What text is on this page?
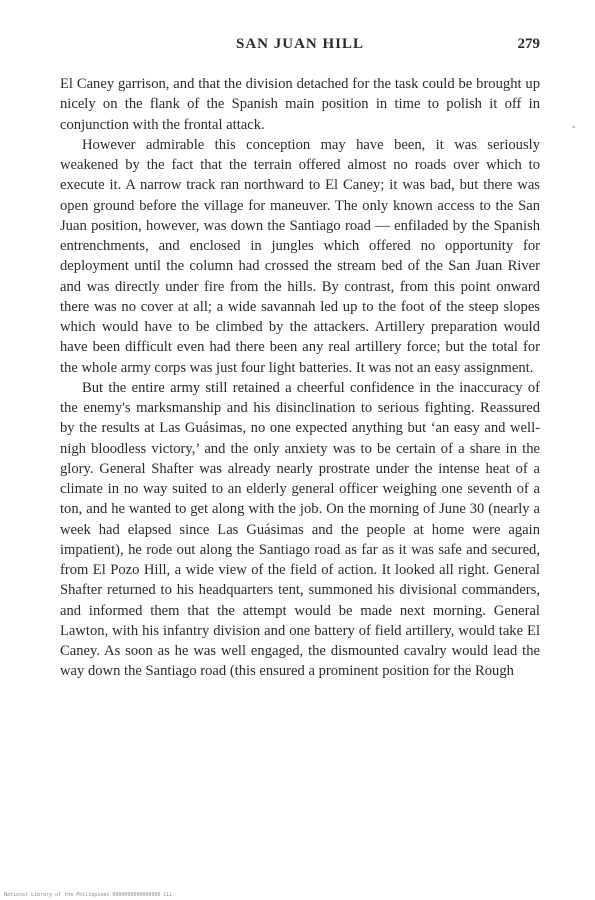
SAN JUAN HILL	279

El Caney garrison, and that the division detached for the task could be brought up nicely on the flank of the Spanish main position in time to polish it off in conjunction with the frontal attack.

However admirable this conception may have been, it was seriously weakened by the fact that the terrain offered almost no roads over which to execute it. A narrow track ran northward to El Caney; it was bad, but there was open ground before the village for maneuver. The only known access to the San Juan position, however, was down the Santiago road — enfiladed by the Spanish entrenchments, and enclosed in jungles which offered no opportunity for deployment until the column had crossed the stream bed of the San Juan River and was directly under fire from the hills. By contrast, from this point onward there was no cover at all; a wide savannah led up to the foot of the steep slopes which would have to be climbed by the attackers. Artillery preparation would have been difficult even had there been any real artillery force; but the total for the whole army corps was just four light batteries. It was not an easy assignment.

But the entire army still retained a cheerful confidence in the inaccuracy of the enemy's marksmanship and his disinclination to serious fighting. Reassured by the results at Las Guásimas, no one expected anything but ‘an easy and well-nigh bloodless victory,’ and the only anxiety was to be certain of a share in the glory. General Shafter was already nearly prostrate under the intense heat of a climate in no way suited to an elderly general officer weighing one seventh of a ton, and he wanted to get along with the job. On the morning of June 30 (nearly a week had elapsed since Las Guásimas and the people at home were again impatient), he rode out along the Santiago road as far as it was safe and secured, from El Pozo Hill, a wide view of the field of action. It looked all right. General Shafter returned to his headquarters tent, summoned his divisional commanders, and informed them that the attempt would be made next morning. General Lawton, with his infantry division and one battery of field artillery, would take El Caney. As soon as he was well engaged, the dismounted cavalry would lead the way down the Santiago road (this ensured a prominent position for the Rough

National Library of the Philippines 0000000000000000 LLL
